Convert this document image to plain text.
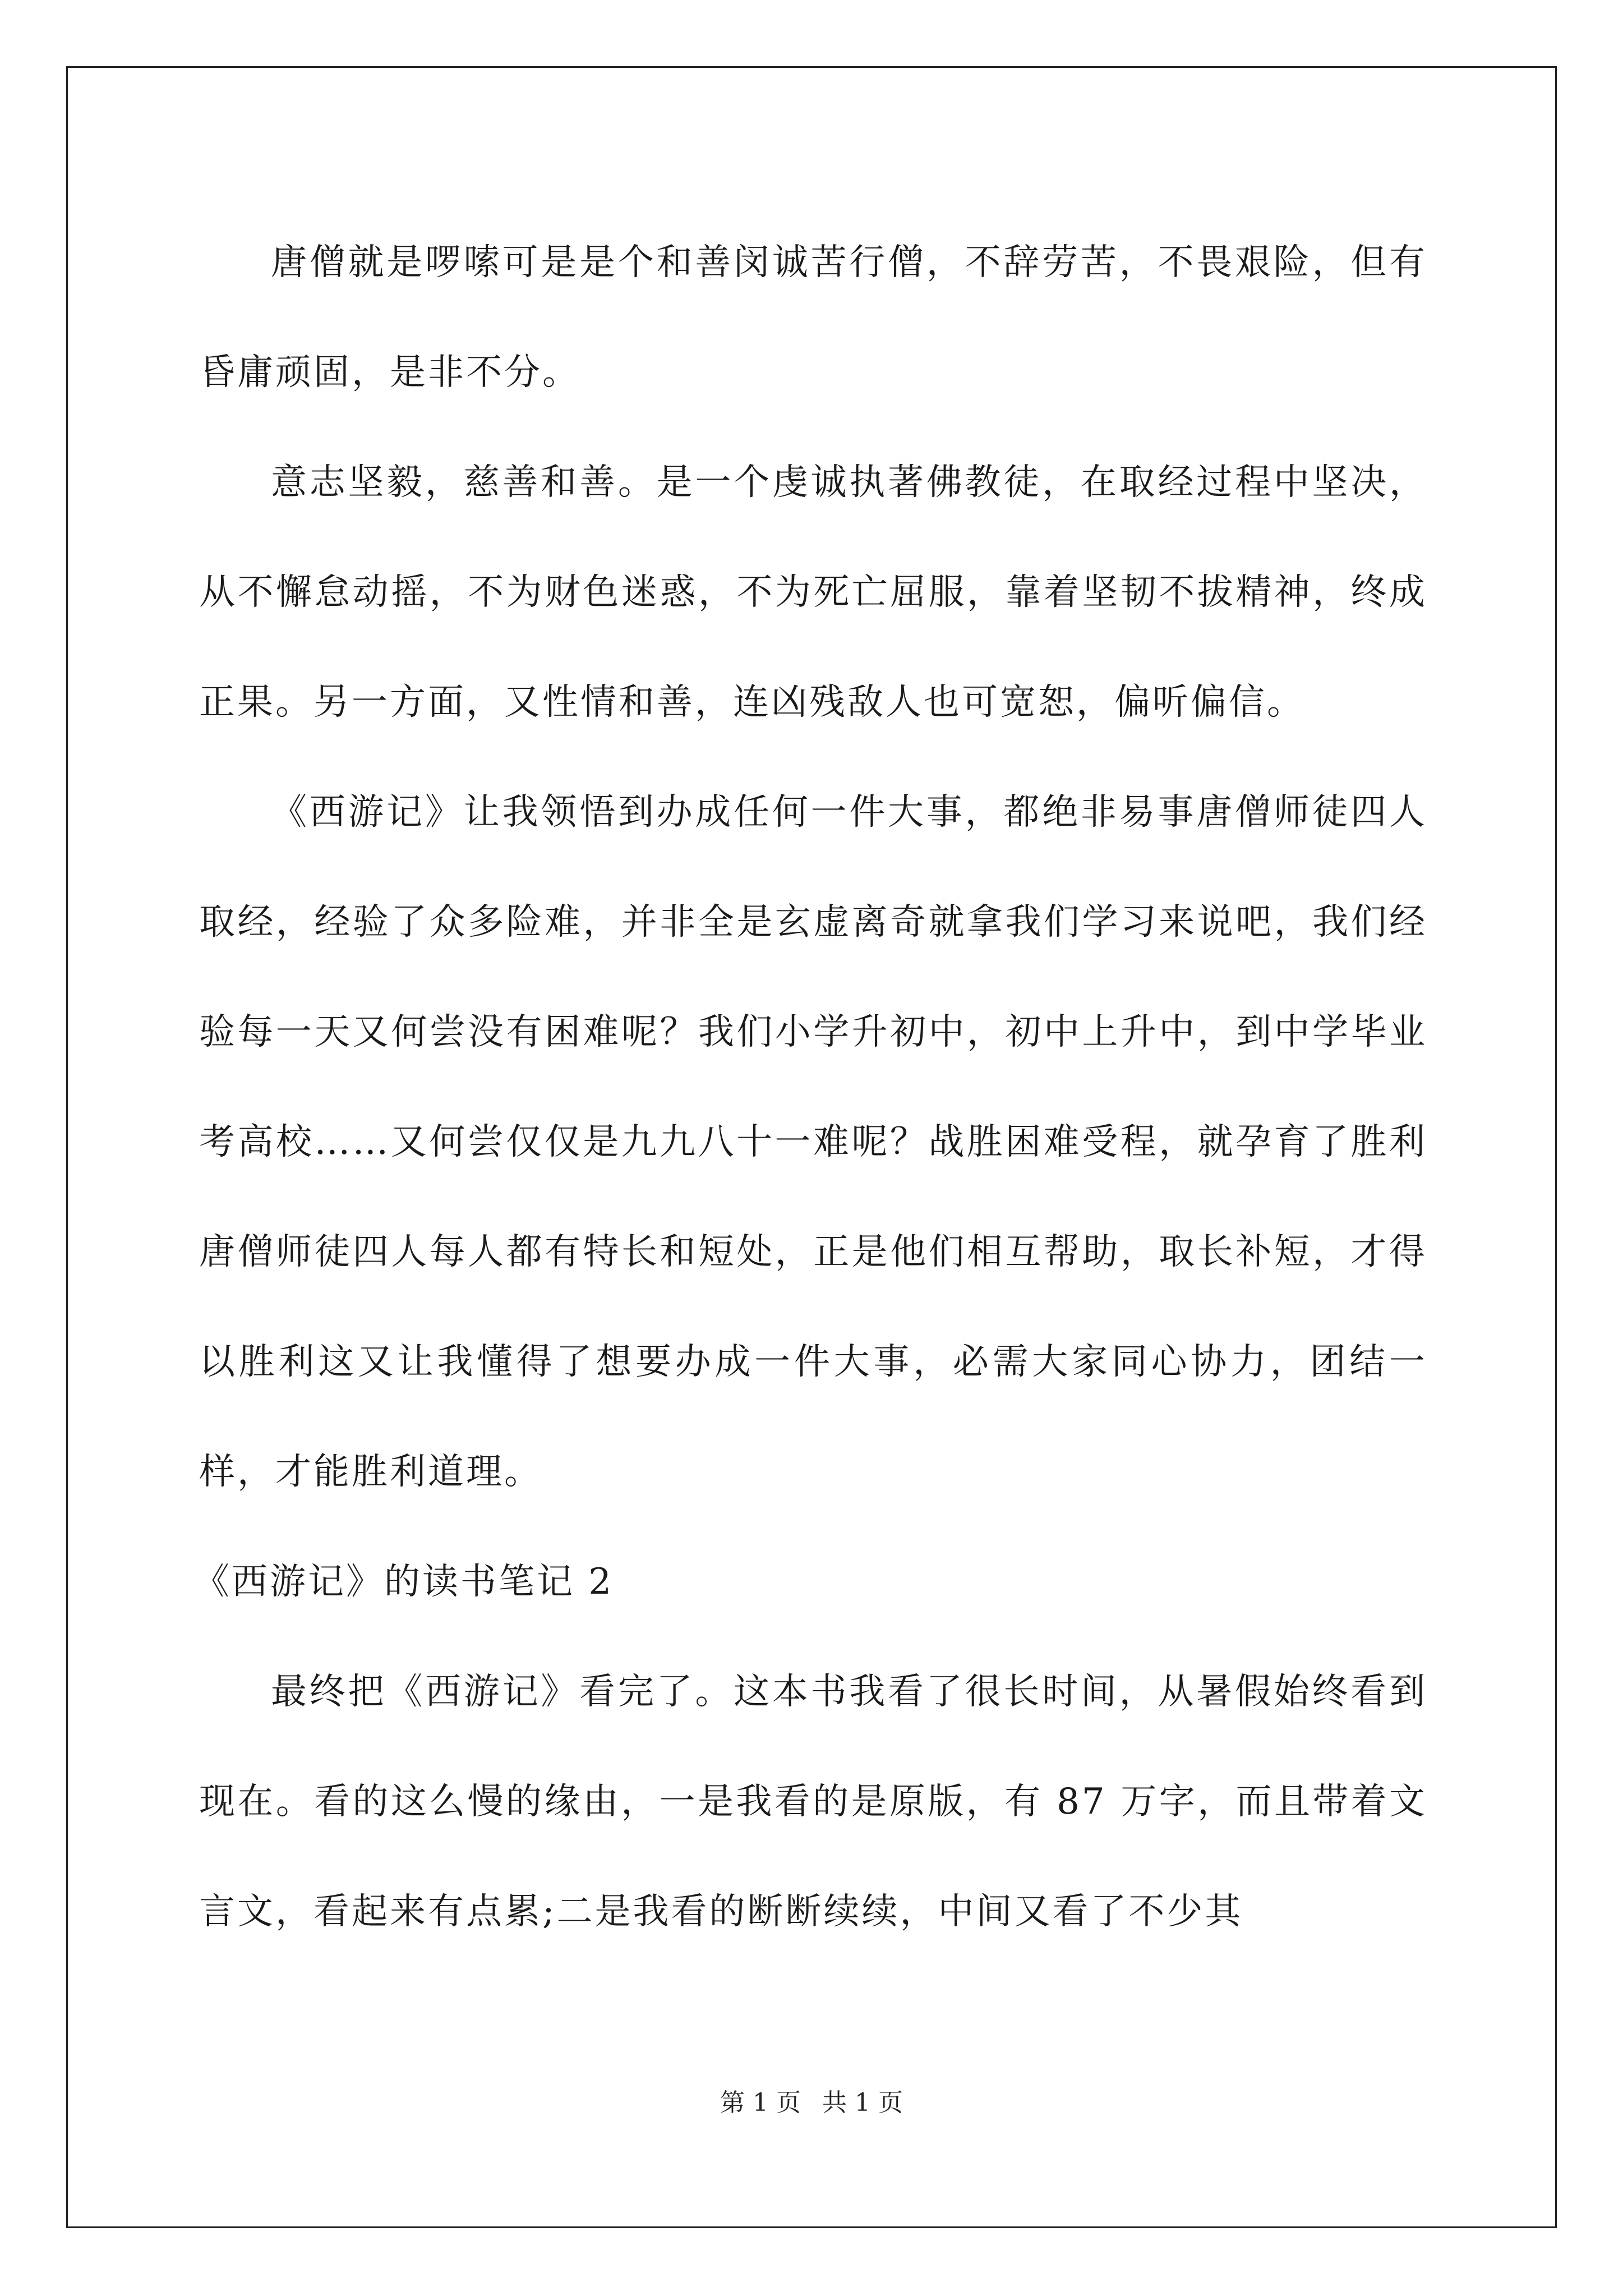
唐僧就是啰嗦可是是个和善闵诚苦行僧，不辞劳苦，不畏艰险，但有昏庸顽固，是非不分。

意志坚毅，慈善和善。是一个虔诚执著佛教徒，在取经过程中坚决，从不懈怠动摇，不为财色迷惑，不为死亡屈服，靠着坚韧不拔精神，终成正果。另一方面，又性情和善，连凶残敌人也可宽恕，偏听偏信。

《西游记》让我领悟到办成任何一件大事，都绝非易事唐僧师徒四人取经，经验了众多险难，并非全是玄虚离奇就拿我们学习来说吧，我们经验每一天又何尝没有困难呢？我们小学升初中，初中上升中，到中学毕业考高校……又何尝仅仅是九九八十一难呢？战胜困难受程，就孕育了胜利唐僧师徒四人每人都有特长和短处，正是他们相互帮助，取长补短，才得以胜利这又让我懂得了想要办成一件大事，必需大家同心协力，团结一样，才能胜利道理。

《西游记》的读书笔记 2

最终把《西游记》看完了。这本书我看了很长时间，从暑假始终看到现在。看的这么慢的缘由，一是我看的是原版，有 87 万字，而且带着文言文，看起来有点累;二是我看的断断续续，中间又看了不少其

第 1 页 共 1 页
